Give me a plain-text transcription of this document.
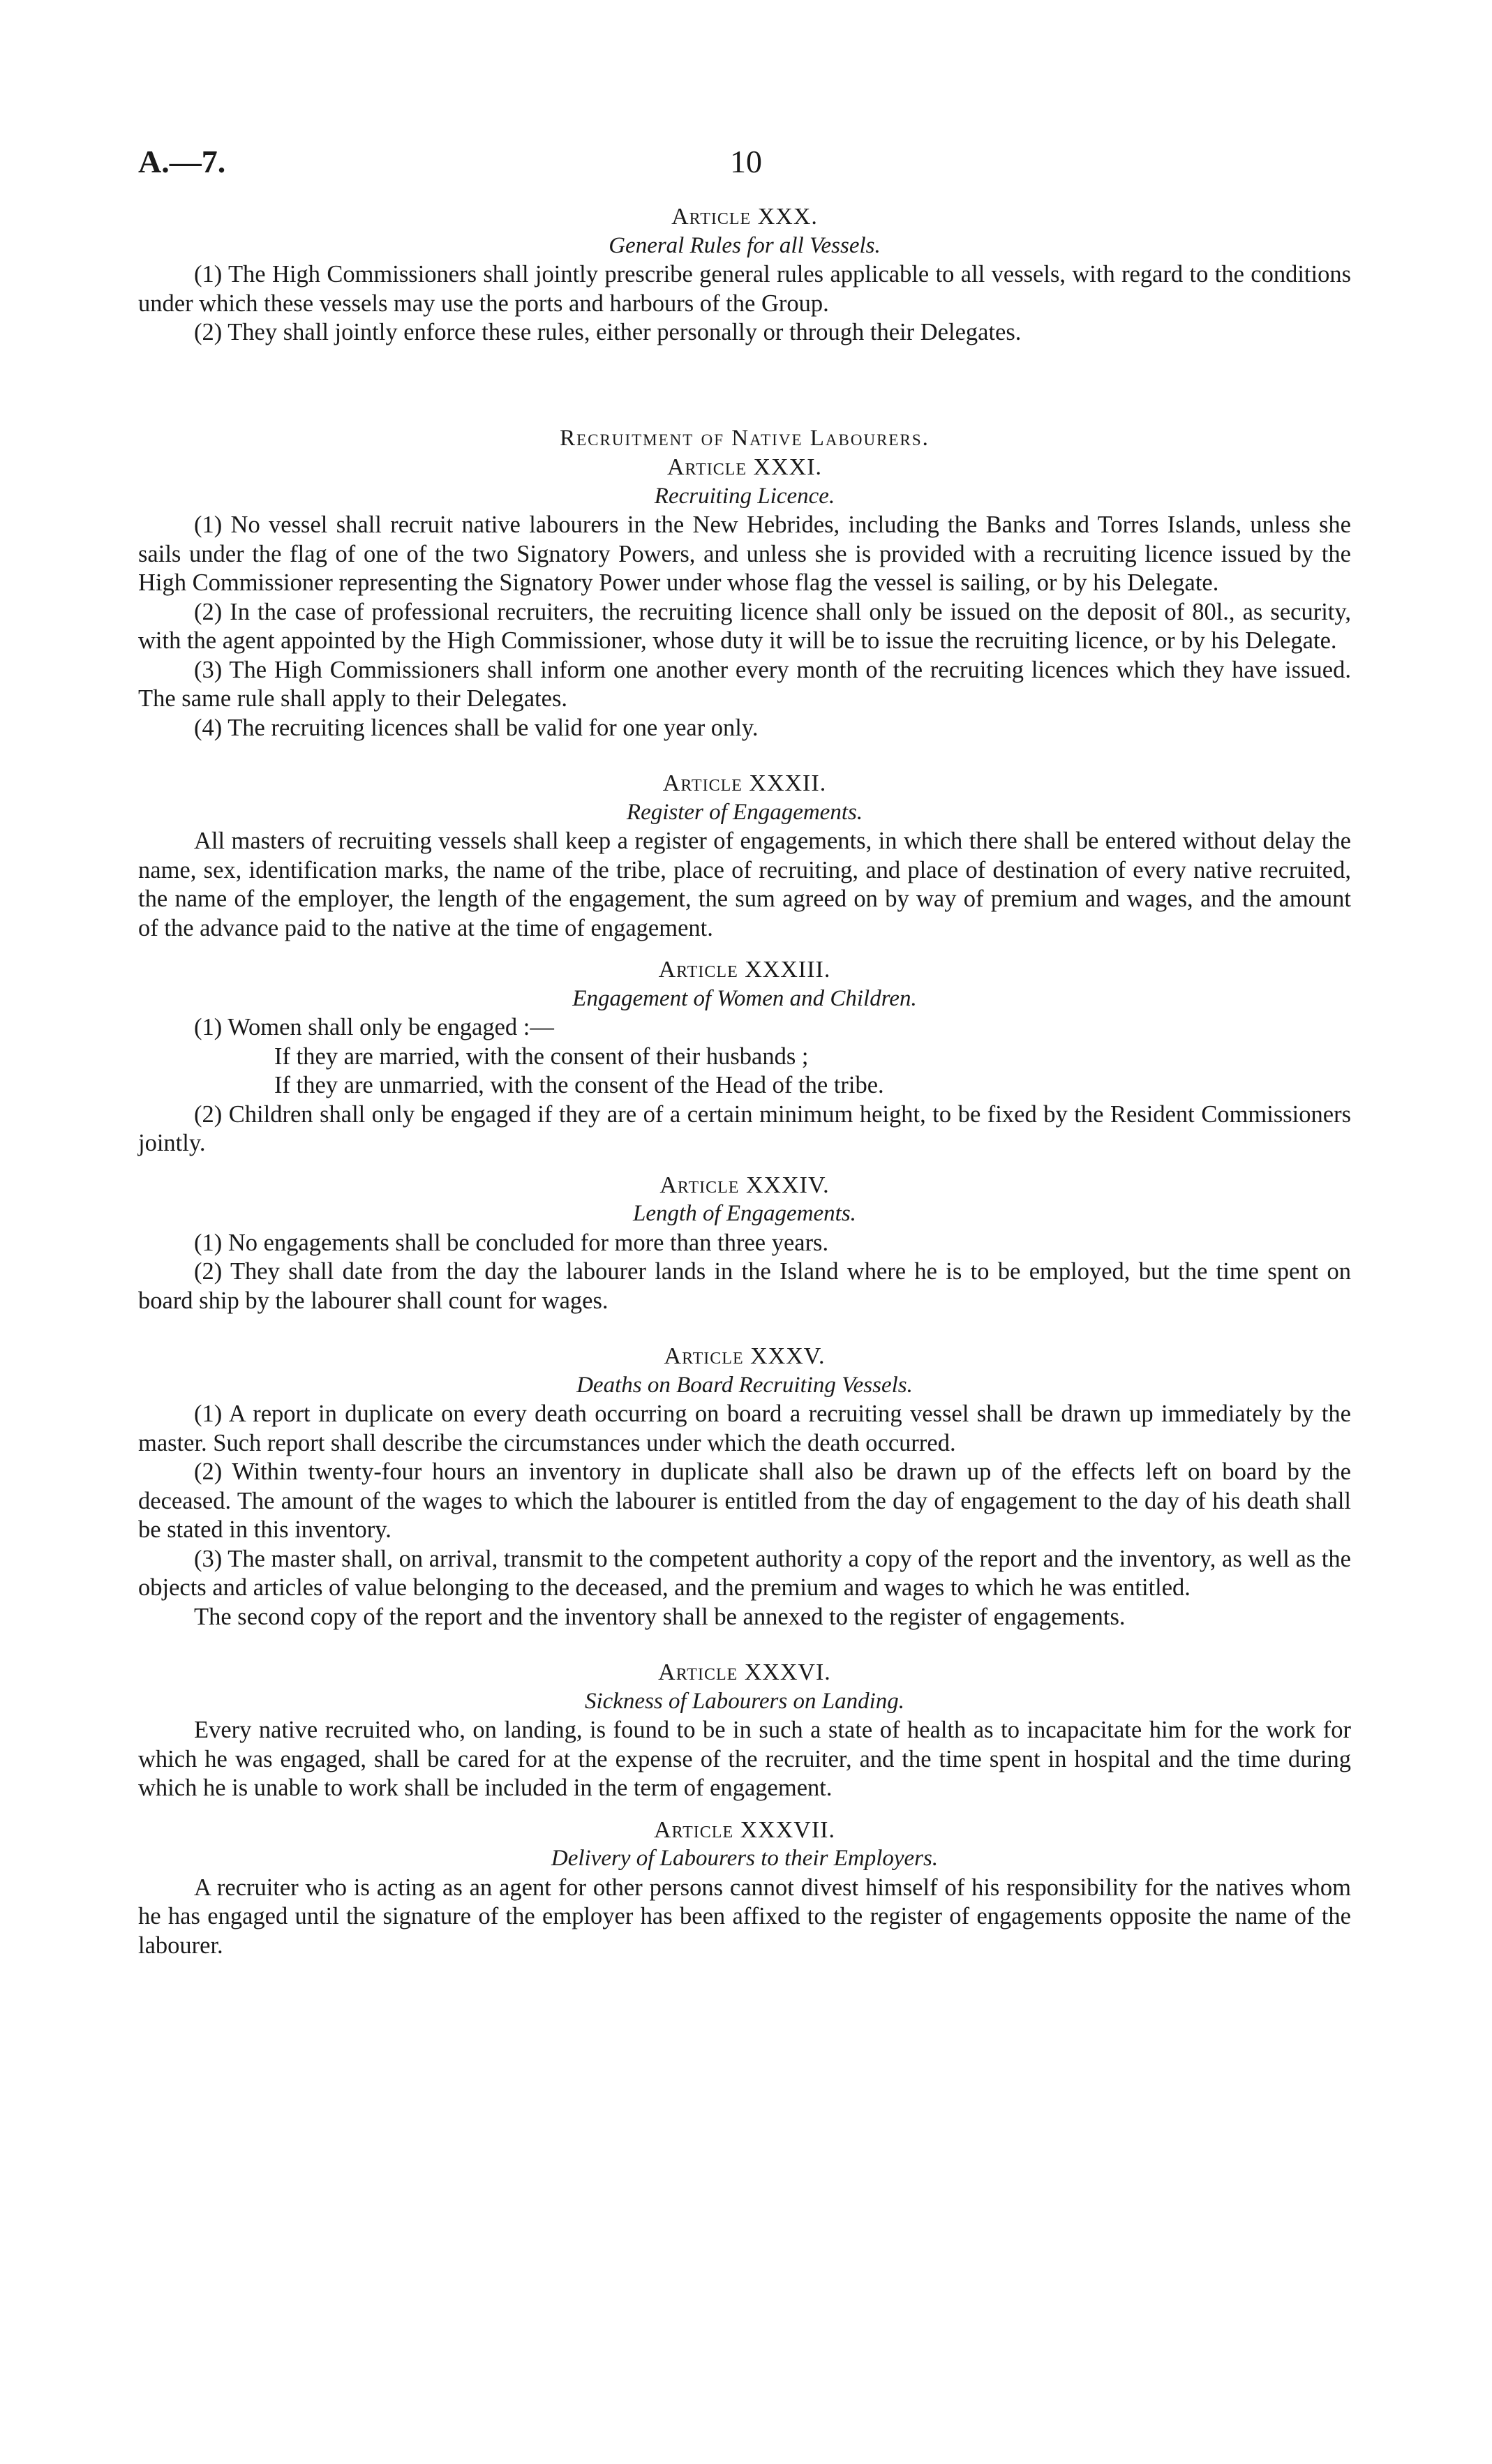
A.—7.	10
Article XXX.
General Rules for all Vessels.

(1) The High Commissioners shall jointly prescribe general rules applicable to all vessels, with regard to the conditions under which these vessels may use the ports and harbours of the Group.

(2) They shall jointly enforce these rules, either personally or through their Delegates.

Recruitment of Native Labourers.
Article XXXI.
Recruiting Licence.

(1) No vessel shall recruit native labourers in the New Hebrides, including the Banks and Torres Islands, unless she sails under the flag of one of the two Signatory Powers, and unless she is provided with a recruiting licence issued by the High Commissioner representing the Signatory Power under whose flag the vessel is sailing, or by his Delegate.

(2) In the case of professional recruiters, the recruiting licence shall only be issued on the deposit of 80l., as security, with the agent appointed by the High Commissioner, whose duty it will be to issue the recruiting licence, or by his Delegate.

(3) The High Commissioners shall inform one another every month of the recruiting licences which they have issued. The same rule shall apply to their Delegates.

(4) The recruiting licences shall be valid for one year only.

Article XXXII.
Register of Engagements.

All masters of recruiting vessels shall keep a register of engagements, in which there shall be entered without delay the name, sex, identification marks, the name of the tribe, place of recruiting, and place of destination of every native recruited, the name of the employer, the length of the engagement, the sum agreed on by way of premium and wages, and the amount of the advance paid to the native at the time of engagement.

Article XXXIII.
Engagement of Women and Children.

(1) Women shall only be engaged :—

If they are married, with the consent of their husbands ;

If they are unmarried, with the consent of the Head of the tribe.

(2) Children shall only be engaged if they are of a certain minimum height, to be fixed by the Resident Commissioners jointly.

Article XXXIV.
Length of Engagements.

(1) No engagements shall be concluded for more than three years.

(2) They shall date from the day the labourer lands in the Island where he is to be employed, but the time spent on board ship by the labourer shall count for wages.

Article XXXV.
Deaths on Board Recruiting Vessels.

(1) A report in duplicate on every death occurring on board a recruiting vessel shall be drawn up immediately by the master. Such report shall describe the circumstances under which the death occurred.

(2) Within twenty-four hours an inventory in duplicate shall also be drawn up of the effects left on board by the deceased. The amount of the wages to which the labourer is entitled from the day of engagement to the day of his death shall be stated in this inventory.

(3) The master shall, on arrival, transmit to the competent authority a copy of the report and the inventory, as well as the objects and articles of value belonging to the deceased, and the premium and wages to which he was entitled.

The second copy of the report and the inventory shall be annexed to the register of engagements.

Article XXXVI.
Sickness of Labourers on Landing.

Every native recruited who, on landing, is found to be in such a state of health as to incapacitate him for the work for which he was engaged, shall be cared for at the expense of the recruiter, and the time spent in hospital and the time during which he is unable to work shall be included in the term of engagement.

Article XXXVII.
Delivery of Labourers to their Employers.

A recruiter who is acting as an agent for other persons cannot divest himself of his responsibility for the natives whom he has engaged until the signature of the employer has been affixed to the register of engagements opposite the name of the labourer.
